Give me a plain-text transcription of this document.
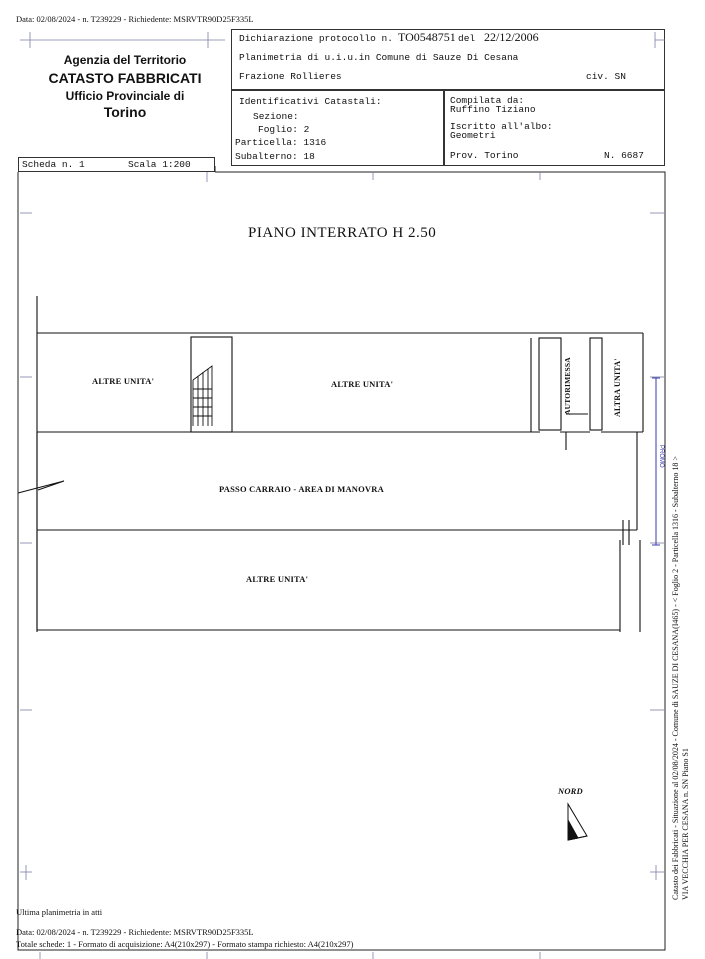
Data: 02/08/2024 - n. T239229 - Richiedente: MSRVTR90D25F335L
Agenzia del Territorio
CATASTO FABBRICATI
Ufficio Provinciale di
Torino
Dichiarazione protocollo n. TO0548751 del 22/12/2006
Planimetria di u.i.u.in Comune di Sauze Di Cesana
Frazione Rollieres	civ. SN
Identificativi Catastali:
Sezione:
Foglio: 2
Particella: 1316
Subalterno: 18
Compilata da:
Ruffino Tiziano
Iscritto all'albo:
Geometri
Prov. Torino	N. 6687
Scheda n. 1	Scala 1:200
PROMO
PIANO INTERRATO H 2.50
ALTRE UNITA'	ALTRE UNITA'	AUTORIMESSA	ALTRA UNITA'
PASSO CARRAIO - AREA DI MANOVRA
ALTRE UNITA'
NORD	Catasto dei Fabbricati - Situazione al 02/08/2024 - Comune di SAUZE DI CESANA(I465) - < Foglio 2 - Particella 1316 - Subalterno 18 > VIA VECCHIA PER CESANA n. SN Piano S1
Ultima planimetria in atti
Data: 02/08/2024 - n. T239229 - Richiedente: MSRVTR90D25F335L
Totale schede: 1 - Formato di acquisizione: A4(210x297) - Formato stampa richiesto: A4(210x297)
